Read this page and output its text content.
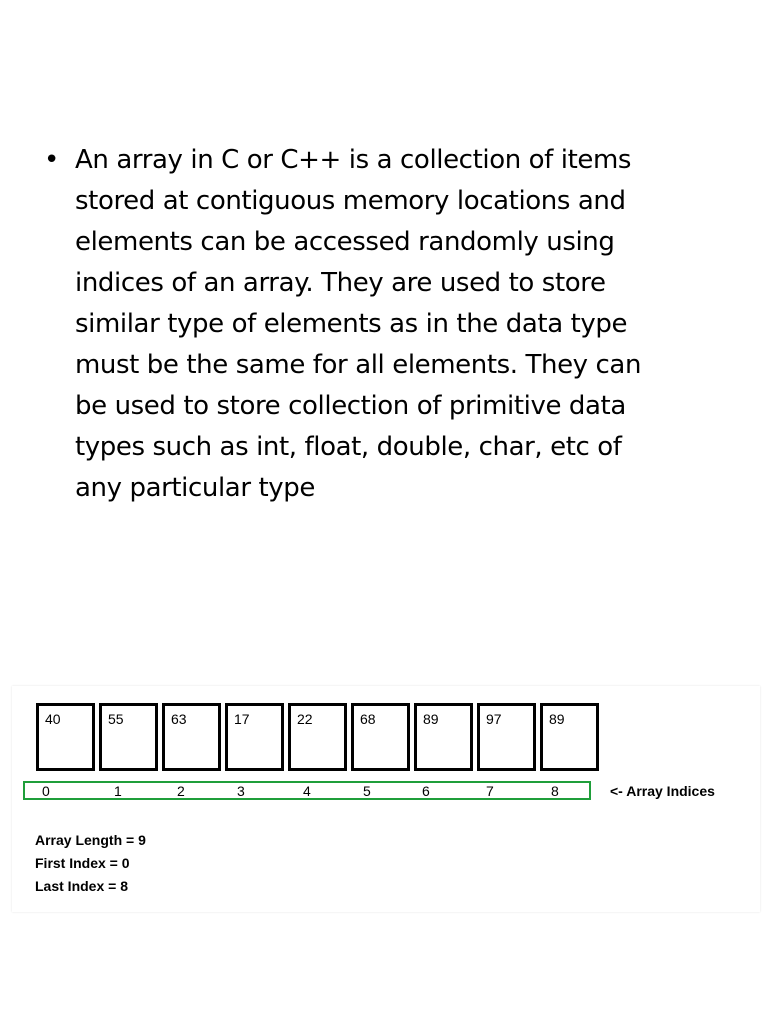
• An array in C or C++ is a collection of items
stored at contiguous memory locations and
elements can be accessed randomly using
indices of an array. They are used to store
similar type of elements as in the data type
must be the same for all elements. They can
be used to store collection of primitive data
types such as int, float, double, char, etc of
any particular type
40	55	63	17	22	68	89	97	89
0	1	2	3	4	5	6	7	8	<- Array Indices
Array Length = 9
First Index = 0
Last Index = 8
